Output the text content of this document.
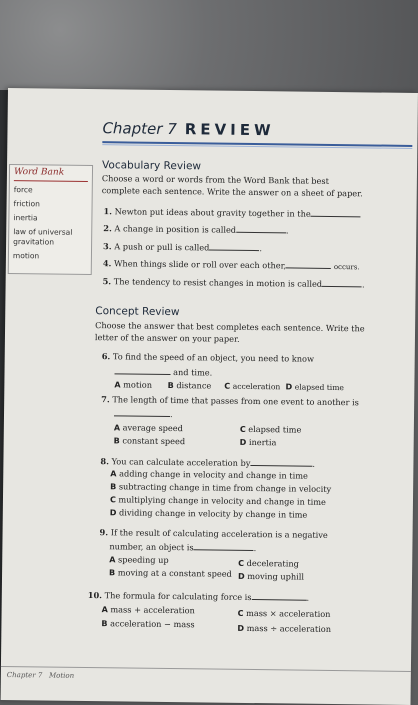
Chapter 7 REVIEW
Word Bank
force
friction
inertia
law of universal
gravitation
motion
Vocabulary Review
Choose a word or words from the Word Bank that best
complete each sentence. Write the answer on a sheet of paper.
1. Newton put ideas about gravity together in the
2. A change in position is called	.
3. A push or pull is called	.
4. When things slide or roll over each other,	occurs.
5. The tendency to resist changes in motion is called	.
Concept Review
Choose the answer that best completes each sentence. Write the
letter of the answer on your paper.
6. To find the speed of an object, you need to know
and time.
A motion B distance C acceleration D elapsed time
7. The length of time that passes from one event to another is
.
A average speed	C elapsed time
B constant speed	D inertia
8. You can calculate acceleration by	.
A adding change in velocity and change in time
B subtracting change in time from change in velocity
C multiplying change in velocity and change in time
D dividing change in velocity by change in time
9. If the result of calculating acceleration is a negative
number, an object is	.
A speeding up	C decelerating
B moving at a constant speed D moving uphill
10. The formula for calculating force is	.
A mass + acceleration	C mass × acceleration
B acceleration − mass	D mass ÷ acceleration
Chapter 7 Motion
